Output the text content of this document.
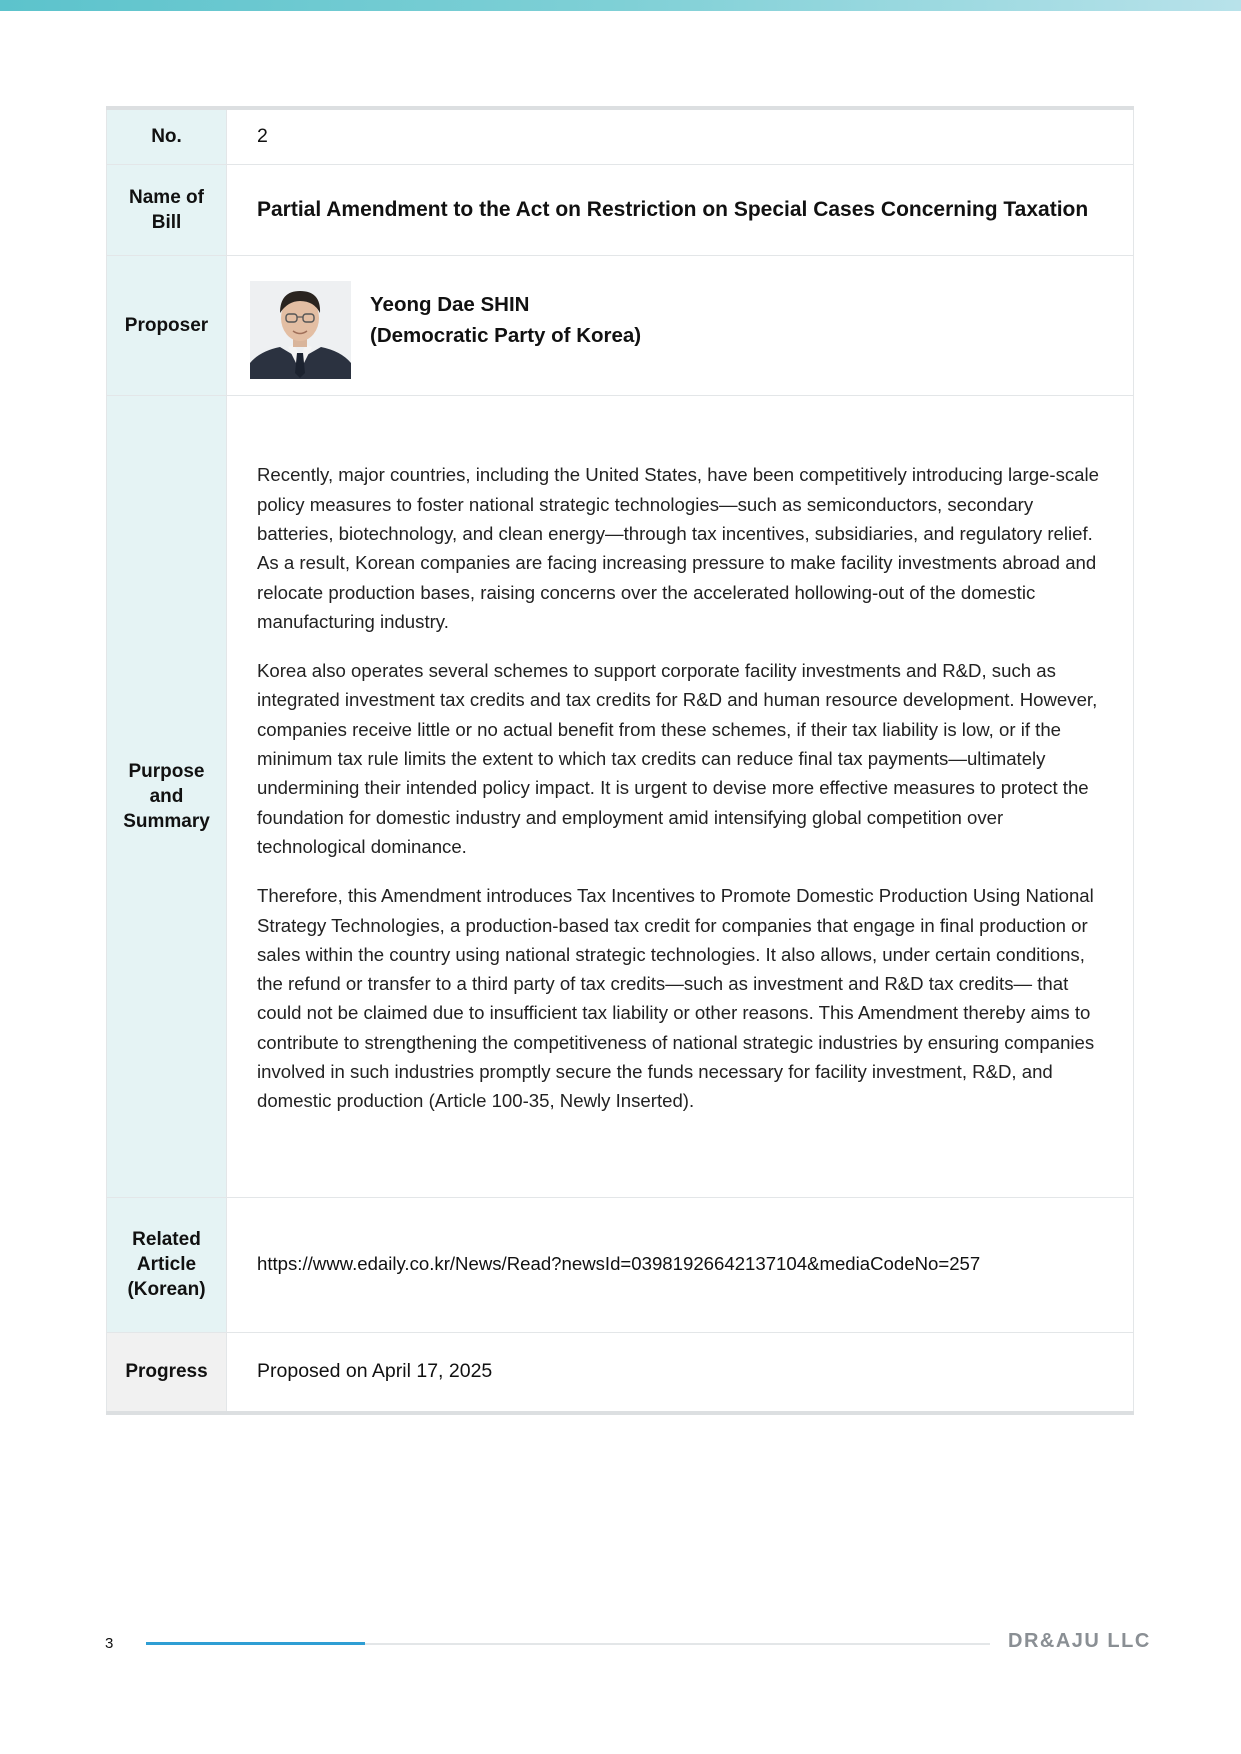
No.	2
Name of Bill	Partial Amendment to the Act on Restriction on Special Cases Concerning Taxation
Proposer	Yeong Dae SHIN
(Democratic Party of Korea)

Purpose and Summary	Recently, major countries, including the United States, have been competitively introducing large-scale policy measures to foster national strategic technologies—such as semiconductors, secondary batteries, biotechnology, and clean energy—through tax incentives, subsidiaries, and regulatory relief. As a result, Korean companies are facing increasing pressure to make facility investments abroad and relocate production bases, raising concerns over the accelerated hollowing-out of the domestic manufacturing industry.

Korea also operates several schemes to support corporate facility investments and R&D, such as integrated investment tax credits and tax credits for R&D and human resource development. However, companies receive little or no actual benefit from these schemes, if their tax liability is low, or if the minimum tax rule limits the extent to which tax credits can reduce final tax payments—ultimately undermining their intended policy impact. It is urgent to devise more effective measures to protect the foundation for domestic industry and employment amid intensifying global competition over technological dominance.

Therefore, this Amendment introduces Tax Incentives to Promote Domestic Production Using National Strategy Technologies, a production-based tax credit for companies that engage in final production or sales within the country using national strategic technologies. It also allows, under certain conditions, the refund or transfer to a third party of tax credits—such as investment and R&D tax credits— that could not be claimed due to insufficient tax liability or other reasons. This Amendment thereby aims to contribute to strengthening the competitiveness of national strategic industries by ensuring companies involved in such industries promptly secure the funds necessary for facility investment, R&D, and domestic production (Article 100-35, Newly Inserted).

Related Article (Korean)	https://www.edaily.co.kr/News/Read?newsId=03981926642137104&mediaCodeNo=257
Progress	Proposed on April 17, 2025
3	DR&AJU LLC
